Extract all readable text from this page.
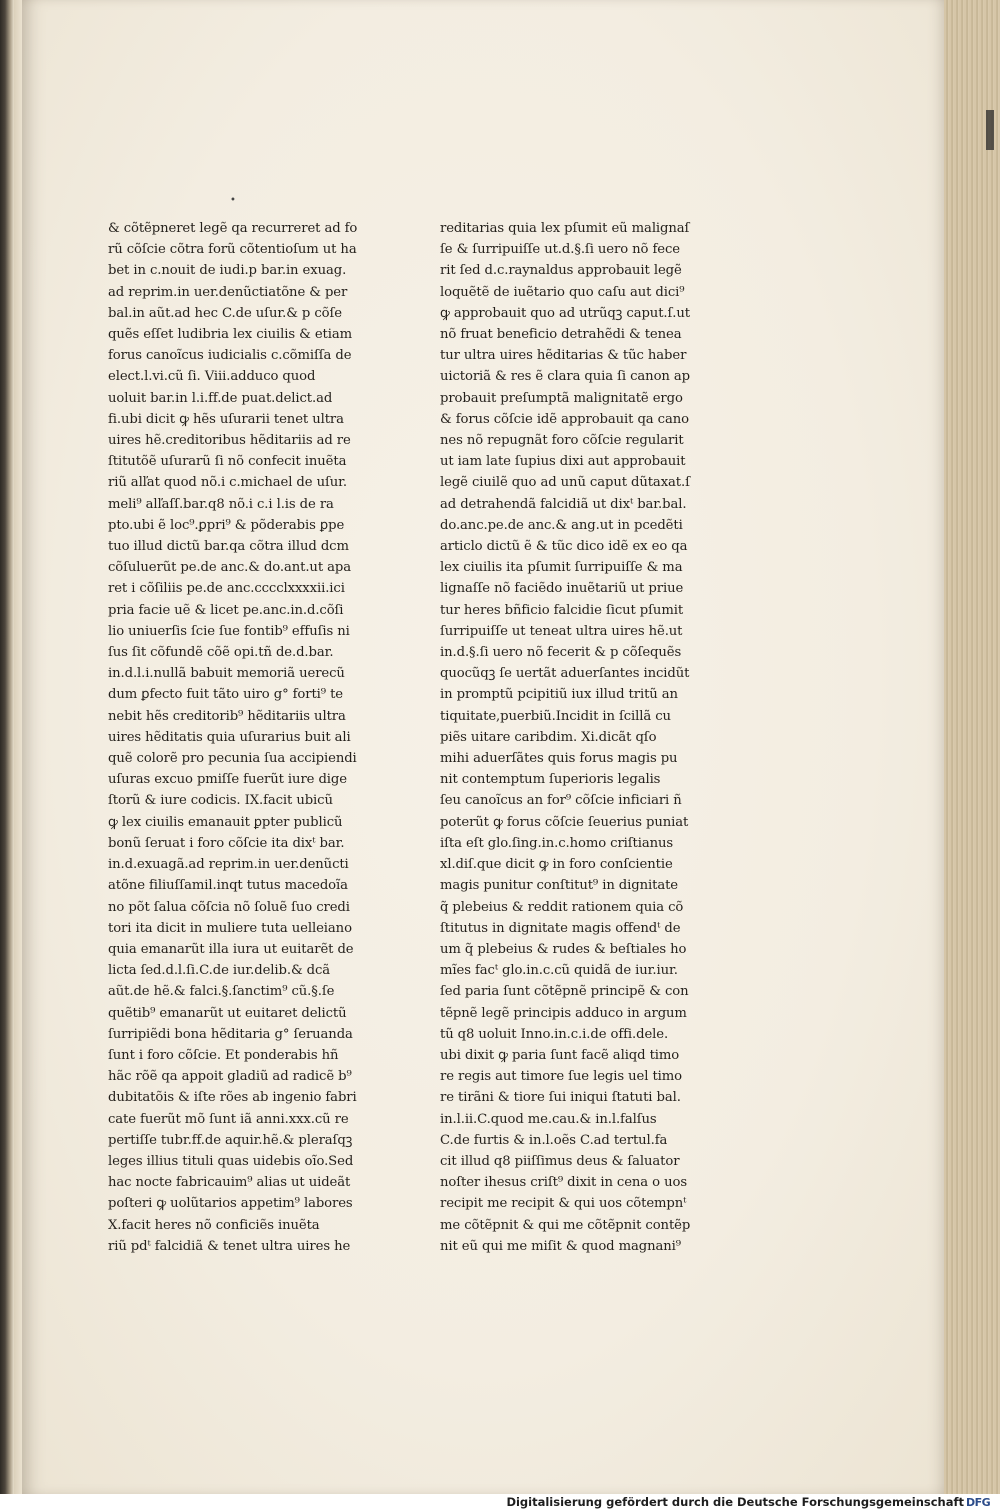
•
& cõtẽpneret legẽ qa recurreret ad fo
rũ cõſcie cõtra forũ cõtentioſum ut ha
bet in c.nouit de iudi.p bar.in exuag.
ad reprim.in uer.denũctiatõne & per
bal.in aũt.ad hec C.de uſur.& p cõſe
quẽs eſſet ludibria lex ciuilis & etiam
forus canoĩcus iudicialis c.cõmiſſa de
elect.l.vi.cũ ſi. Viii.adduco quod
uoluit bar.in l.i.ff.de puat.delict.ad
fi.ubi dicit ꝙ hẽs uſurarii tenet ultra
uires hẽ.creditoribus hẽditariis ad re
ſtitutõẽ uſurarũ ſi nõ confecit inuẽta
riũ alľat quod nõ.i c.michael de uſur.
meli⁹ alľaſſ.bar.q8 nõ.i c.i l.is de ra
pto.ubi ẽ loc⁹.ꝑpri⁹ & põderabis ꝑpe
tuo illud dictũ bar.qa cõtra illud dcm
cõſuluerũt pe.de anc.& do.ant.ut apa
ret i cõſiliis pe.de anc.cccclxxxxii.ici
pria facie uẽ & licet pe.anc.in.d.cõſi
lio uniuerſis ſcie ſue fontib⁹ effuſis ni
ſus ſit cõfundẽ cõẽ opi.tñ de.d.bar.
in.d.l.i.nullã babuit memoriã uerecũ
dum ꝑfecto fuit tãto uiro g° forti⁹ te
nebit hẽs creditorib⁹ hẽditariis ultra
uires hẽditatis quia uſurarius buit ali
quẽ colorẽ pro pecunia ſua accipiendi
uſuras excuo pmiſſe fuerũt iure dige
ſtorũ & iure codicis. IX.facit ubicũ
ꝙ lex ciuilis emanauit ꝑpter publicũ
bonũ ſeruat i foro cõſcie ita dixᵗ bar.
in.d.exuagã.ad reprim.in uer.denũcti
atõne filiuſſamil.inqt tutus macedoĩa
no põt ſalua cõſcia nõ ſoluẽ ſuo credi
tori ita dicit in muliere tuta uelleiano
quia emanarũt illa iura ut euitarẽt de
licta ſed.d.l.ſi.C.de iur.delib.& dcã
aũt.de hẽ.& falci.§.ſanctim⁹ cũ.§.ſe
quẽtib⁹ emanarũt ut euitaret delictũ
ſurripiẽdi bona hẽditaria g° ſeruanda
ſunt i foro cõſcie. Et ponderabis hñ
hãc rõẽ qa appoit gladiũ ad radicẽ b⁹
dubitatõis & iſte rões ab ingenio fabri
cate fuerũt mõ ſunt iã anni.xxx.cũ re
pertiſſe tubr.ff.de aquir.hẽ.& pleraſqꝫ
leges illius tituli quas uidebis oĩo.Sed
hac nocte fabricauim⁹ alias ut uideãt
poſteri ꝙ uolũtarios appetim⁹ labores
X.facit heres nõ conficiẽs inuẽta
riũ pdᵗ falcidiã & tenet ultra uires he
reditarias quia lex pſumit eũ malignaſ
ſe & ſurripuiſſe ut.d.§.ſi uero nõ fece
rit ſed d.c.raynaldus approbauit legẽ
loquẽtẽ de iuẽtario quo caſu aut dici⁹
ꝙ approbauit quo ad utrũqꝫ caput.ſ.ut
nõ fruat beneficio detrahẽdi & tenea
tur ultra uires hẽditarias & tũc haber
uictoriã & res ẽ clara quia ſi canon ap
probauit preſumptã malignitatẽ ergo
& forus cõſcie idẽ approbauit qa cano
nes nõ repugnãt foro cõſcie regularit
ut iam late ſupius dixi aut approbauit
legẽ ciuilẽ quo ad unũ caput dũtaxat.ſ
ad detrahendã falcidiã ut dixᵗ bar.bal.
do.anc.pe.de anc.& ang.ut in pcedẽti
articlo dictũ ẽ & tũc dico idẽ ex eo qa
lex ciuilis ita pſumit ſurripuiſſe & ma
lignaſſe nõ faciẽdo inuẽtariũ ut priue
tur heres bñficio falcidie ſicut pſumit
ſurripuiſſe ut teneat ultra uires hẽ.ut
in.d.§.ſi uero nõ fecerit & p cõſequẽs
quocũqꝫ ſe uertãt aduerſantes incidũt
in promptũ pcipitiũ iux illud tritũ an
tiquitate,puerbiũ.Incidit in ſcillã cu
piẽs uitare caribdim. Xi.dicãt qſo
mihi aduerſãtes quis forus magis pu
nit contemptum ſuperioris legalis
ſeu canoĩcus an for⁹ cõſcie inficiari ñ
poterũt ꝙ forus cõſcie ſeuerius puniat
iſta eſt glo.ſing.in.c.homo criſtianus
xl.diſ.que dicit ꝙ in foro conſcientie
magis punitur conſtitut⁹ in dignitate
q̃ plebeius & reddit rationem quia cõ
ſtitutus in dignitate magis offendᵗ de
um q̃ plebeius & rudes & beſtiales ho
mĩes facᵗ glo.in.c.cũ quidã de iur.iur.
ſed paria ſunt cõtẽpnẽ principẽ & con
tẽpnẽ legẽ principis adduco in argum
tũ q8 uoluit Inno.in.c.i.de offi.dele.
ubi dixit ꝙ paria ſunt facẽ aliqd timo
re regis aut timore ſue legis uel timo
re tirãni & tiore ſui iniqui ſtatuti bal.
in.l.ii.C.quod me.cau.& in.l.falſus
C.de furtis & in.l.oẽs C.ad tertul.fa
cit illud q8 piiſſimus deus & ſaluator
noſter ihesus criſt⁹ dixit in cena o uos
recipit me recipit & qui uos cõtempnᵗ
me cõtẽpnit & qui me cõtẽpnit contẽp
nit eũ qui me miſit & quod magnani⁹
Digitalisierung gefördert durch die Deutsche Forschungsgemeinschaft DFG
